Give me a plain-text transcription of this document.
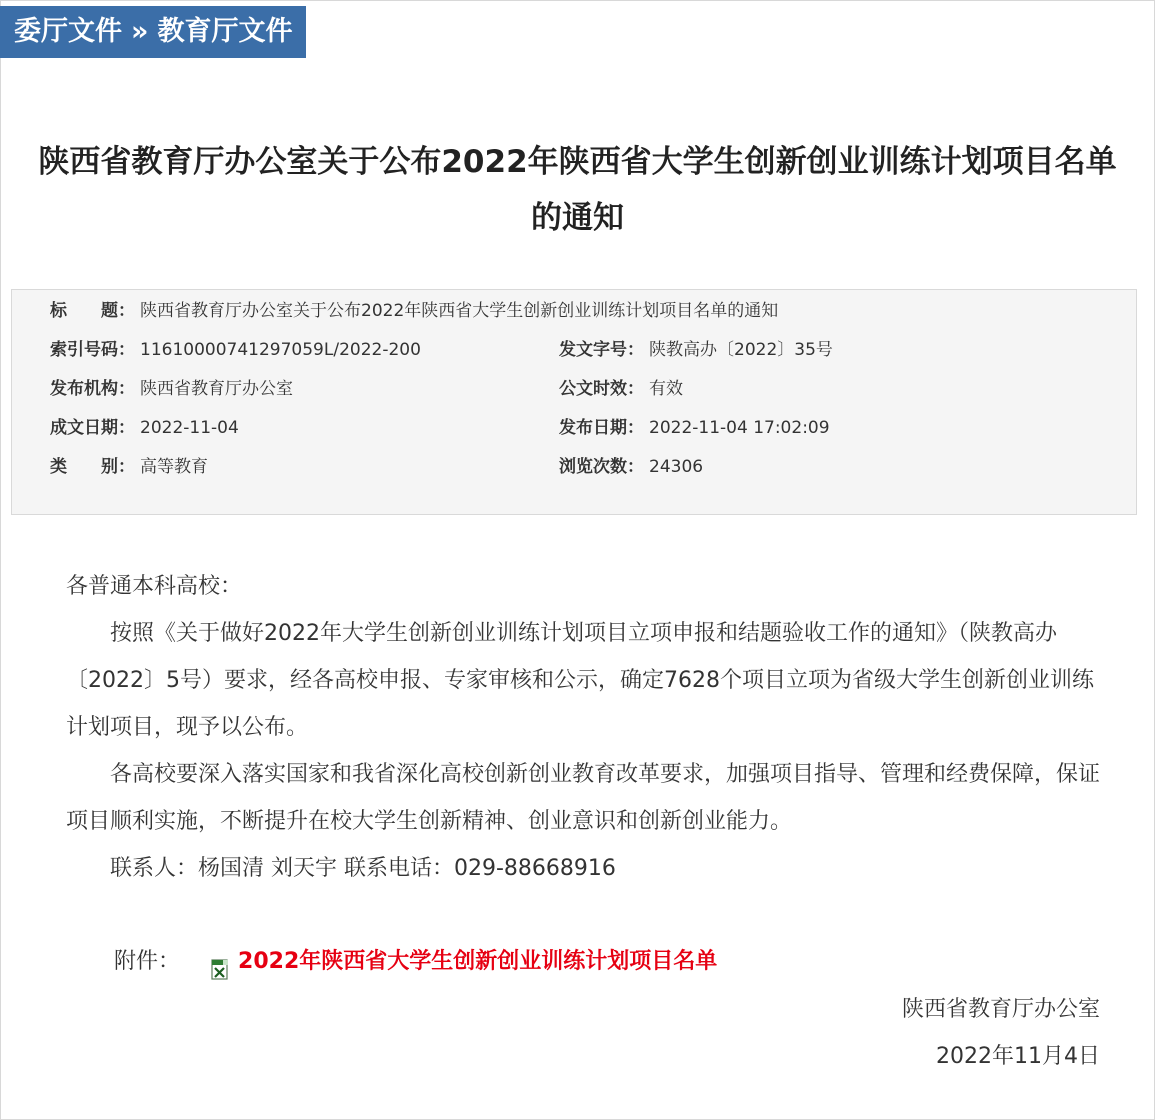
委厅文件 » 教育厅文件
陕西省教育厅办公室关于公布2022年陕西省大学生创新创业训练计划项目名单
的通知
标　　题： 陕西省教育厅办公室关于公布2022年陕西省大学生创新创业训练计划项目名单的通知
索引号码： 11610000741297059L/2022-200	发文字号： 陕教高办〔2022〕35号
发布机构： 陕西省教育厅办公室	公文时效： 有效
成文日期： 2022-11-04	发布日期： 2022-11-04 17:02:09
类　　别： 高等教育	浏览次数： 24306

各普通本科高校：

按照《关于做好2022年大学生创新创业训练计划项目立项申报和结题验收工作的通知》（陕教高办〔2022〕5号）要求，经各高校申报、专家审核和公示，确定7628个项目立项为省级大学生创新创业训练计划项目，现予以公布。

各高校要深入落实国家和我省深化高校创新创业教育改革要求，加强项目指导、管理和经费保障，保证项目顺利实施，不断提升在校大学生创新精神、创业意识和创新创业能力。

联系人：杨国清 刘天宇 联系电话：029-88668916

附件：	2022年陕西省大学生创新创业训练计划项目名单
陕西省教育厅办公室
2022年11月4日
